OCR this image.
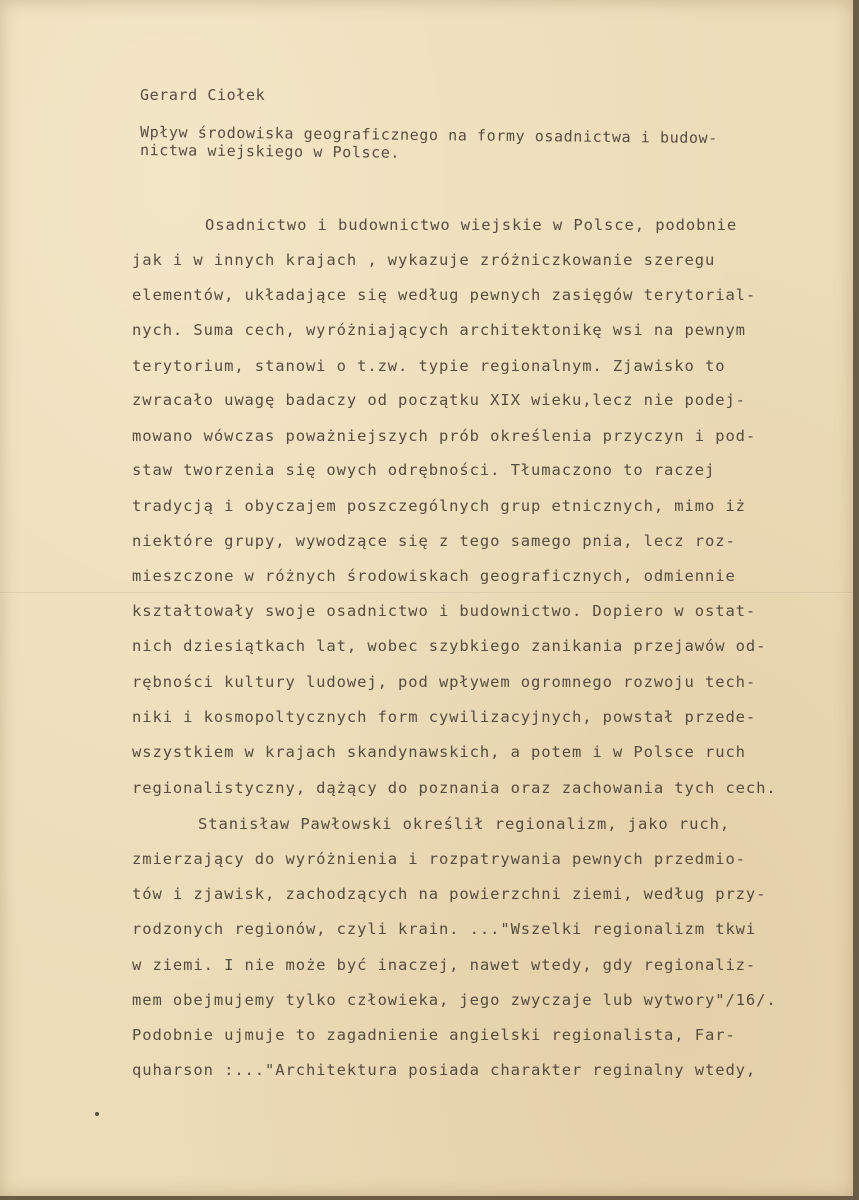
Gerard Ciołek
Wpływ środowiska geograficznego na formy osadnictwa i budow-
nictwa wiejskiego w Polsce.
Osadnictwo i budownictwo wiejskie w Polsce, podobnie
jak i w innych krajach , wykazuje zróżniczkowanie szeregu
elementów, układające się według pewnych zasięgów terytorial-
nych. Suma cech, wyróżniających architektonikę wsi na pewnym
terytorium, stanowi o t.zw. typie regionalnym. Zjawisko to
zwracało uwagę badaczy od początku XIX wieku,lecz nie podej-
mowano wówczas poważniejszych prób określenia przyczyn i pod-
staw tworzenia się owych odrębności. Tłumaczono to raczej
tradycją i obyczajem poszczególnych grup etnicznych, mimo iż
niektóre grupy, wywodzące się z tego samego pnia, lecz roz-
mieszczone w różnych środowiskach geograficznych, odmiennie
kształtowały swoje osadnictwo i budownictwo. Dopiero w ostat-
nich dziesiątkach lat, wobec szybkiego zanikania przejawów od-
rębności kultury ludowej, pod wpływem ogromnego rozwoju tech-
niki i kosmopoltycznych form cywilizacyjnych, powstał przede-
wszystkiem w krajach skandynawskich, a potem i w Polsce ruch
regionalistyczny, dążący do poznania oraz zachowania tych cech.
Stanisław Pawłowski określił regionalizm, jako ruch,
zmierzający do wyróżnienia i rozpatrywania pewnych przedmio-
tów i zjawisk, zachodzących na powierzchni ziemi, według przy-
rodzonych regionów, czyli krain. ..."Wszelki regionalizm tkwi
w ziemi. I nie może być inaczej, nawet wtedy, gdy regionaliz-
mem obejmujemy tylko człowieka, jego zwyczaje lub wytwory"/16/.
Podobnie ujmuje to zagadnienie angielski regionalista, Far-
quharson :..."Architektura posiada charakter reginalny wtedy,
